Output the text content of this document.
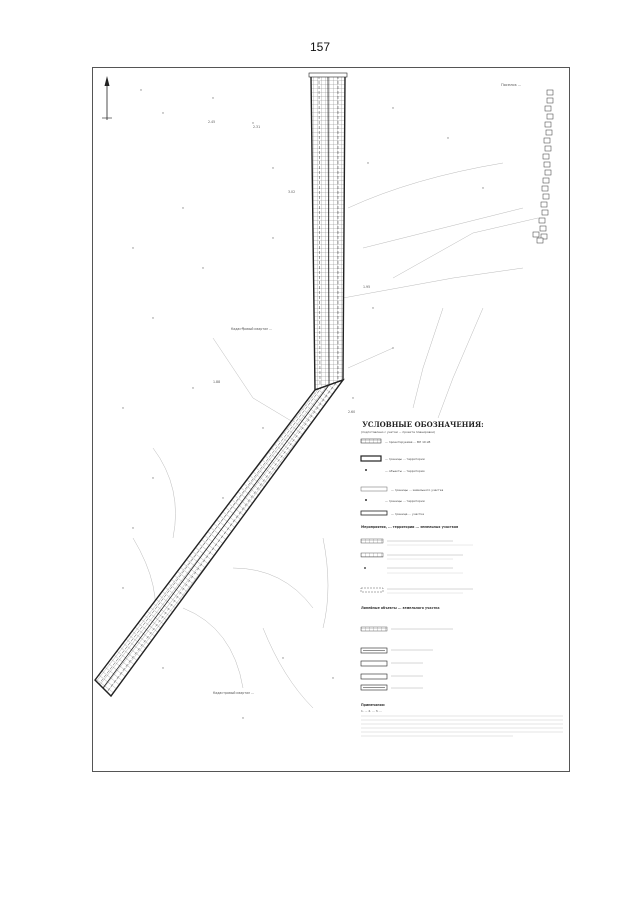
157
2.45
2.31
3.02
1.95
1.88
2.60
Поселок ...
Кадастровый квартал ...
Кадастровый квартал ...
УСЛОВНЫЕ ОБОЗНАЧЕНИЯ:
(подготовлено с учетом ... проекта планировки)
— проектируемая ... ВЛ 10 кВ
— границы ... территории
— объекты ... территории
— границы ... земельного участка
— границы ... территории
— граница ... участка
Мероприятия, ... территории ... земельных участков
Линейные объекты ... земельного участка
Примечания:
1. ... 2. ... 3. ...
